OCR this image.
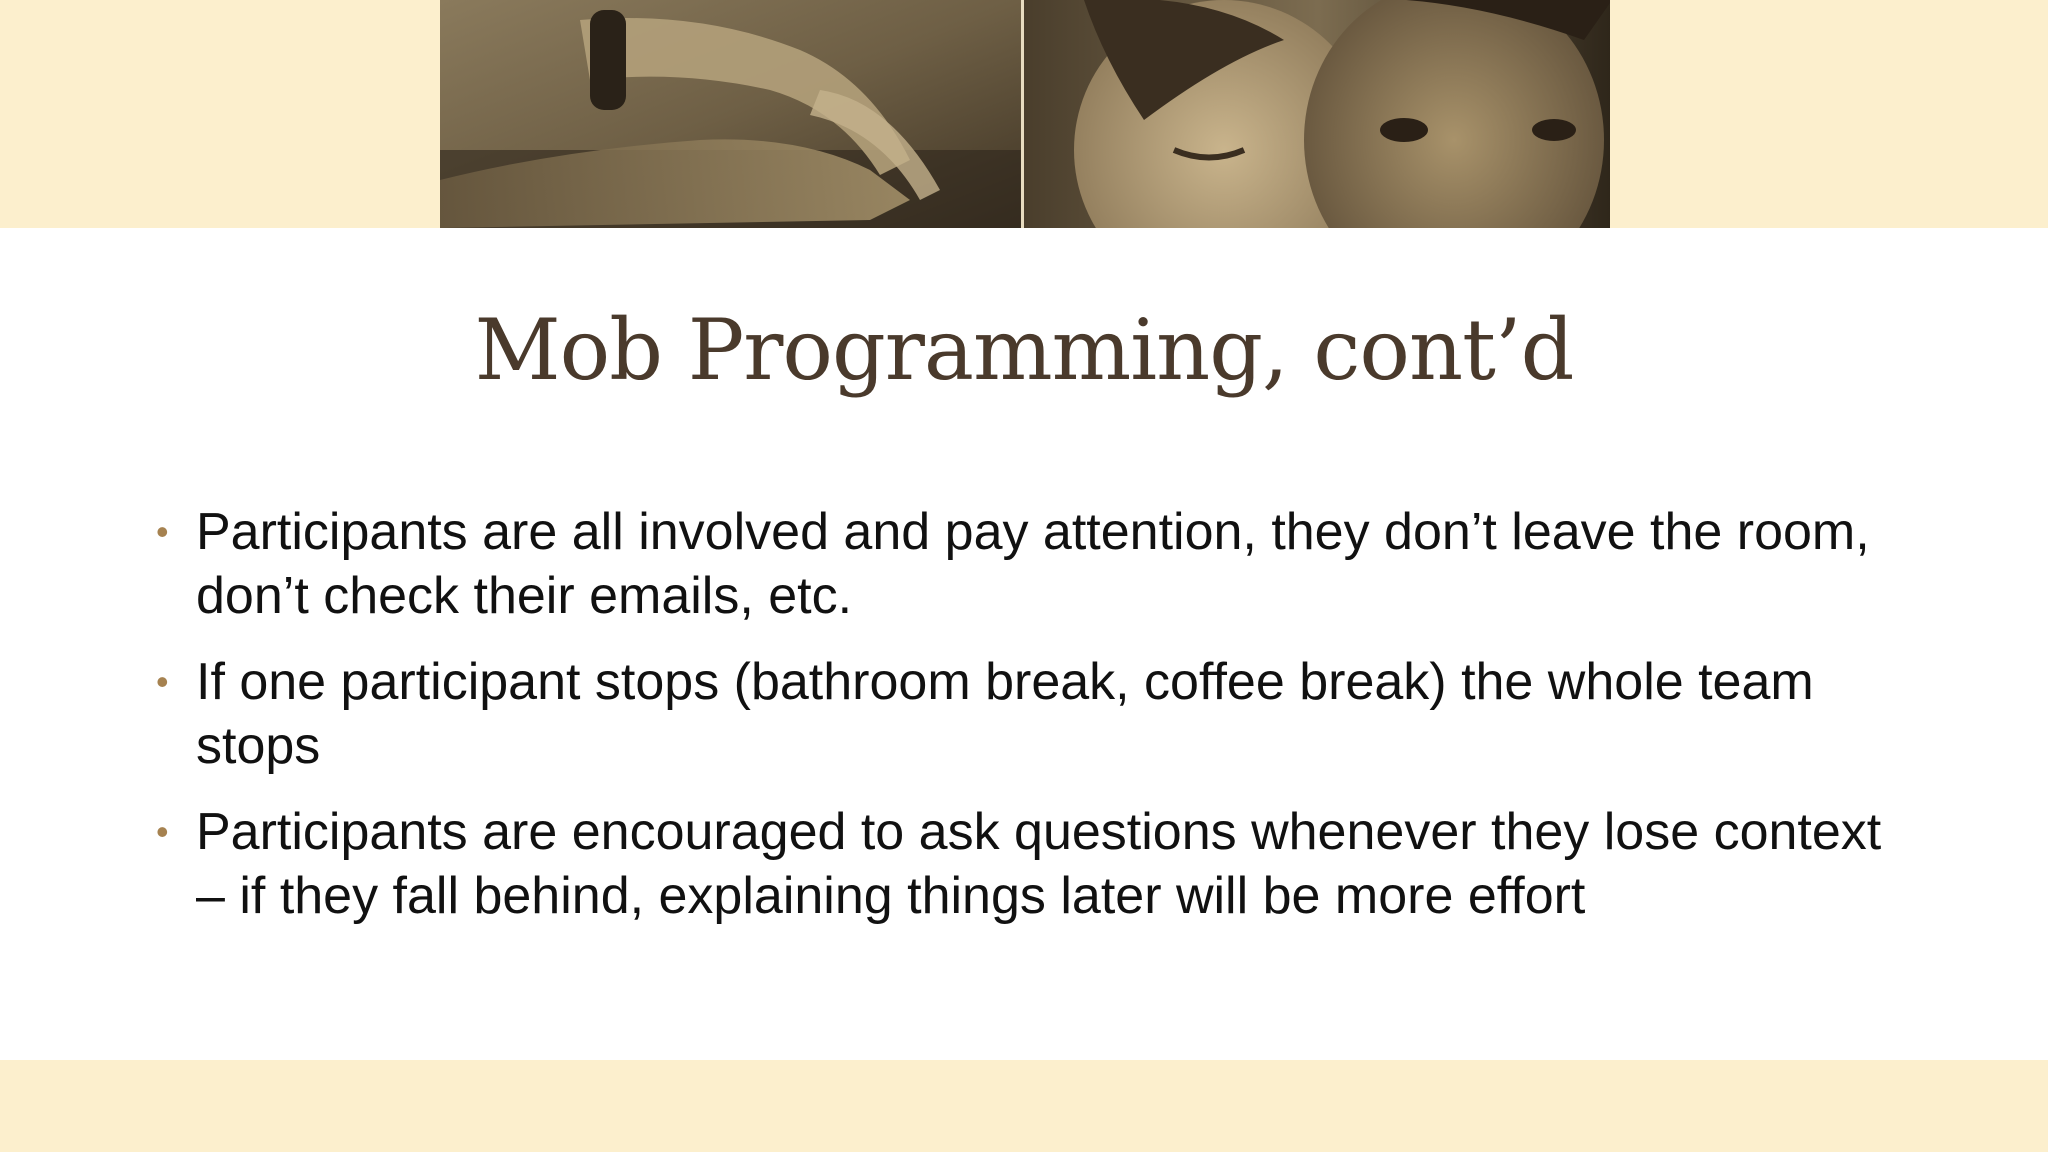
Mob Programming, cont’d
• Participants are all involved and pay attention, they don’t leave the room, don’t check their emails, etc.
• If one participant stops (bathroom break, coffee break) the whole team stops
• Participants are encouraged to ask questions whenever they lose context – if they fall behind, explaining things later will be more effort
